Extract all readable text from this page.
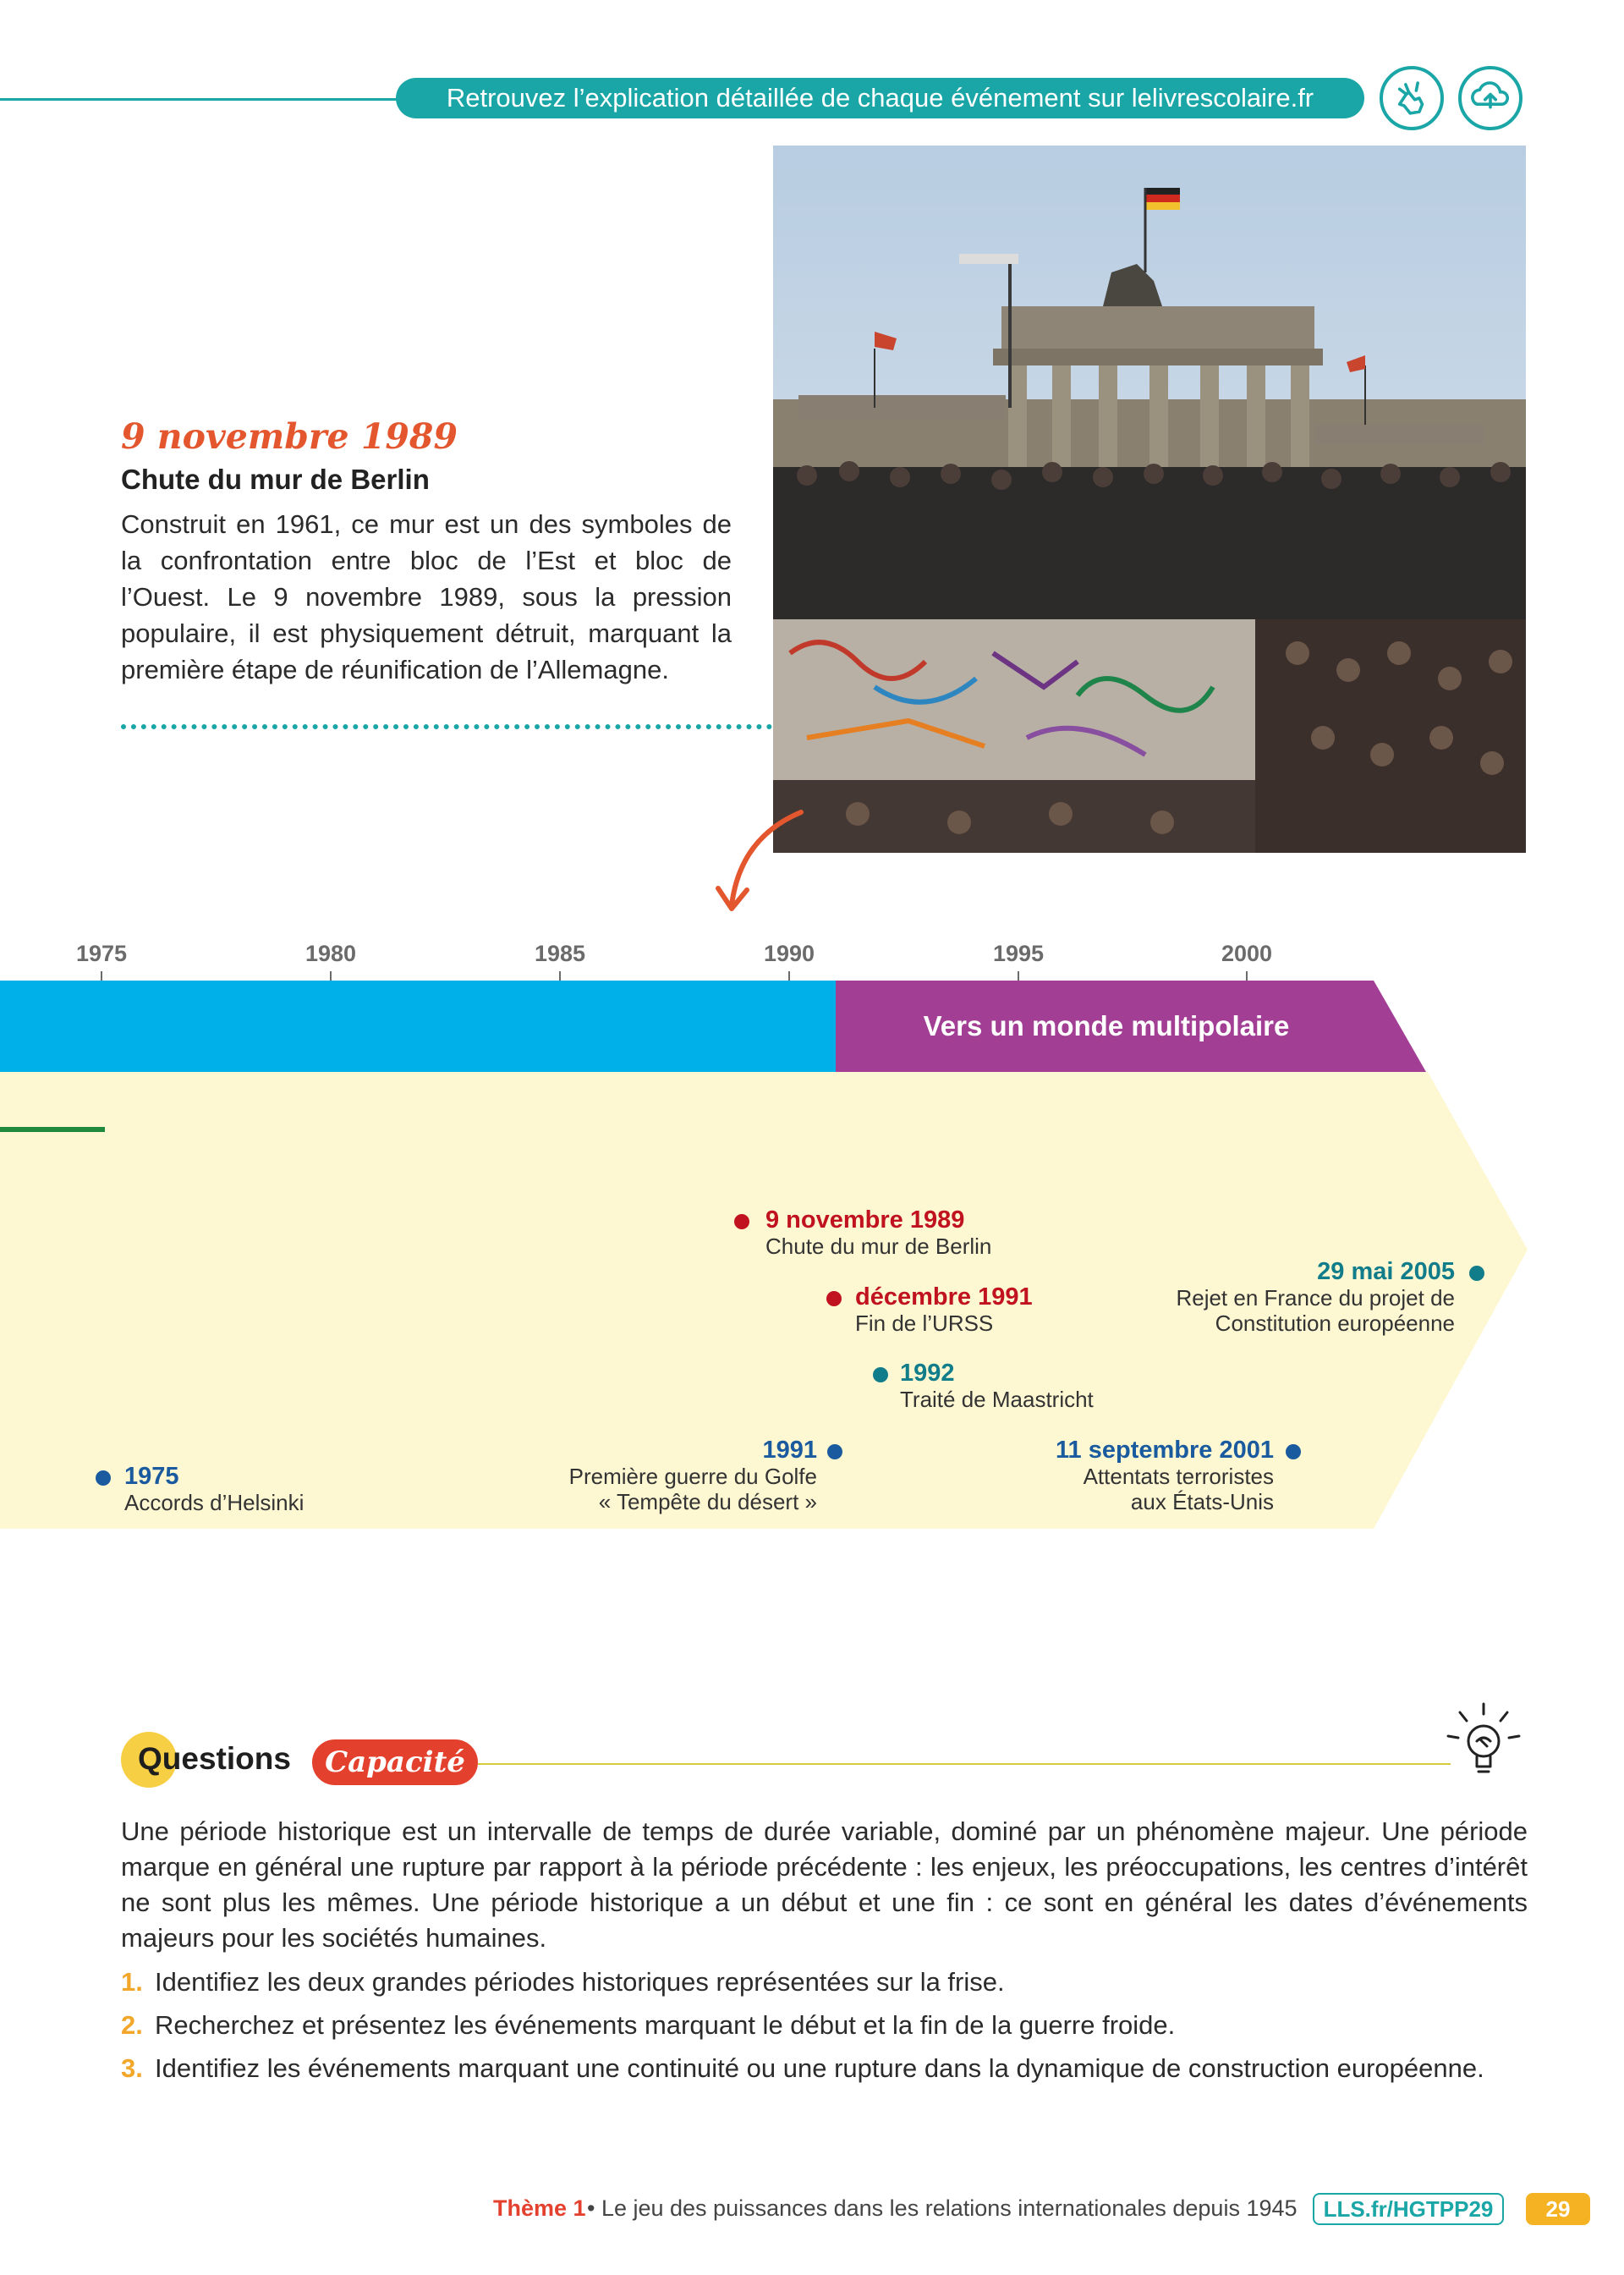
Retrouvez l’explication détaillée de chaque événement sur lelivrescolaire.fr
9 novembre 1989
Chute du mur de Berlin
Construit en 1961, ce mur est un des symboles de la confrontation entre bloc de l’Est et bloc de l’Ouest. Le 9 novembre 1989, sous la pression populaire, il est physiquement détruit, marquant la première étape de réunification de l’Allemagne.
1975	1980	1985	1990	1995	2000
Vers un monde multipolaire
9 novembre 1989
Chute du mur de Berlin
décembre 1991
Fin de l’URSS
1992
Traité de Maastricht
29 mai 2005
Rejet en France du projet de
Constitution européenne
1991
Première guerre du Golfe
« Tempête du désert »
11 septembre 2001
Attentats terroristes
aux États-Unis
1975
Accords d’Helsinki
Questions	Capacité
Une période historique est un intervalle de temps de durée variable, dominé par un phénomène majeur. Une période marque en général une rupture par rapport à la période précédente : les enjeux, les préoccupations, les centres d’intérêt ne sont plus les mêmes. Une période historique a un début et une fin : ce sont en général les dates d’événements majeurs pour les sociétés humaines.
1. Identifiez les deux grandes périodes historiques représentées sur la frise.
2. Recherchez et présentez les événements marquant le début et la fin de la guerre froide.
3. Identifiez les événements marquant une continuité ou une rupture dans la dynamique de construction européenne.
Thème 1 • Le jeu des puissances dans les relations internationales depuis 1945	LLS.fr/HGTPP29	29
